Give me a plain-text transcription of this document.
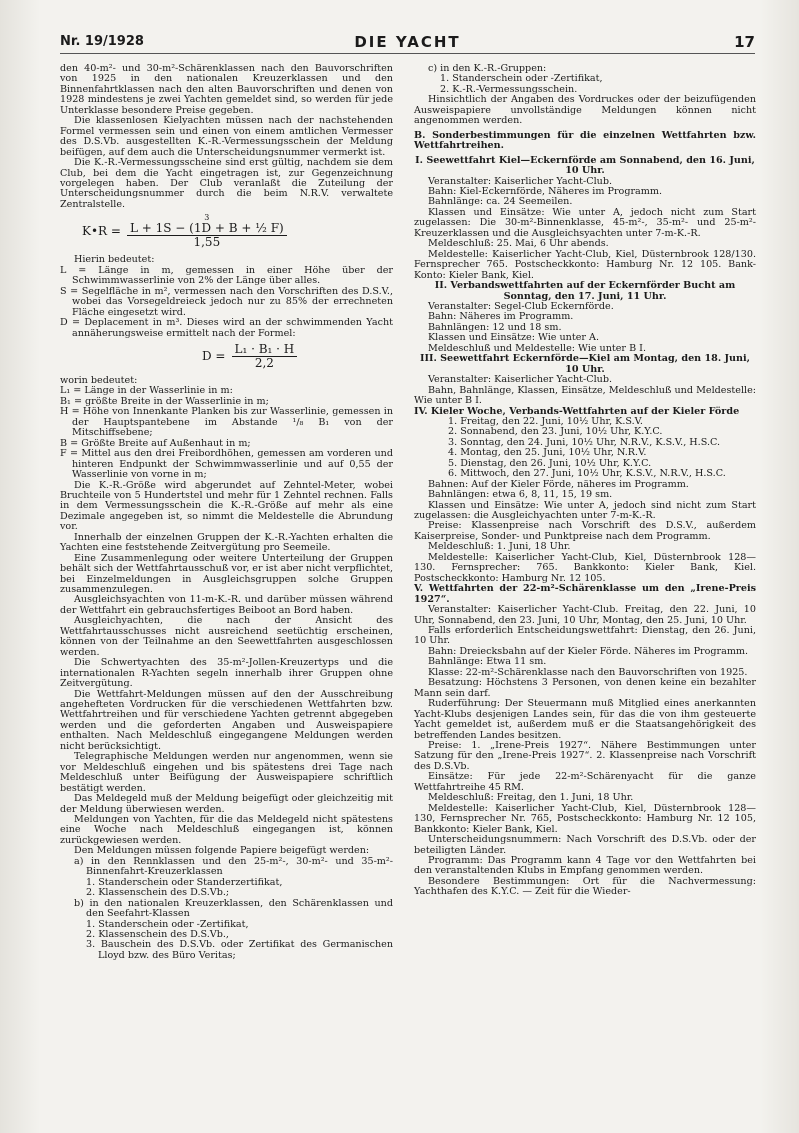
Nr. 19/1928	DIE YACHT	17

den 40-m²- und 30-m²-Schärenklassen nach den Bauvorschriften von 1925 in den nationalen Kreuzerklassen und den Binnenfahrtklassen nach den alten Bauvorschriften und denen von 1928 mindestens je zwei Yachten gemeldet sind, so werden für jede Unterklasse besondere Preise gegeben.

Die klassenlosen Kielyachten müssen nach der nachstehenden Formel vermessen sein und einen von einem amtlichen Vermesser des D.S.Vb. ausgestellten K.-R.-Vermessungsschein der Meldung beifügen, auf dem auch die Unterscheidungsnummer vermerkt ist.

Die K.-R.-Vermessungsscheine sind erst gültig, nachdem sie dem Club, bei dem die Yacht eingetragen ist, zur Gegenzeichnung vorgelegen haben. Der Club veranlaßt die Zuteilung der Unterscheidungsnummer durch die beim N.R.V. verwaltete Zentralstelle.

K•R =
3
L + 1S − (1D + B + ½ F)
1,55

Hierin bedeutet:

L = Länge in m, gemessen in einer Höhe über der Schwimmwasserlinie von 2% der Länge über alles.

S = Segelfläche in m², vermessen nach den Vorschriften des D.S.V., wobei das Vorsegeldreieck jedoch nur zu 85% der errechneten Fläche eingesetzt wird.

D = Deplacement in m³. Dieses wird an der schwimmenden Yacht annäherungsweise ermittelt nach der Formel:

$D = \frac{\text{L₁ · B₁ · H}}{2,2}$

worin bedeutet:

L₁ = Länge in der Wasserlinie in m:

B₁ = größte Breite in der Wasserlinie in m;

H = Höhe von Innenkante Planken bis zur Wasserlinie, gemessen in der Hauptspantebene im Abstande ¹/₈ B₁ von der Mitschiffsebene;

B = Größte Breite auf Außenhaut in m;

F = Mittel aus den drei Freibordhöhen, gemessen am vorderen und hinteren Endpunkt der Schwimmwasserlinie und auf 0,55 der Wasserlinie von vorne in m;

Die K.-R.-Größe wird abgerundet auf Zehntel-Meter, wobei Bruchteile von 5 Hundertstel und mehr für 1 Zehntel rechnen. Falls in dem Vermessungsschein die K.-R.-Größe auf mehr als eine Dezimale angegeben ist, so nimmt die Meldestelle die Abrundung vor.

Innerhalb der einzelnen Gruppen der K.-R.-Yachten erhalten die Yachten eine feststehende Zeitvergütung pro Seemeile.

Eine Zusammenlegung oder weitere Unterteilung der Gruppen behält sich der Wettfahrtausschuß vor, er ist aber nicht verpflichtet, bei Einzelmeldungen in Ausgleichsgruppen solche Gruppen zusammenzulegen.

Ausgleichsyachten von 11-m-K.-R. und darüber müssen während der Wettfahrt ein gebrauchsfertiges Beiboot an Bord haben.

Ausgleichyachten, die nach der Ansicht des Wettfahrtausschusses nicht ausreichend seetüchtig erscheinen, können von der Teilnahme an den Seewettfahrten ausgeschlossen werden.

Die Schwertyachten des 35-m²-Jollen-Kreuzertyps und die internationalen R-Yachten segeln innerhalb ihrer Gruppen ohne Zeitvergütung.

Die Wettfahrt-Meldungen müssen auf den der Ausschreibung angehefteten Vordrucken für die verschiedenen Wettfahrten bzw. Wettfahrtreihen und für verschiedene Yachten getrennt abgegeben werden und die geforderten Angaben und Ausweispapiere enthalten. Nach Meldeschluß eingegangene Meldungen werden nicht berücksichtigt.

Telegraphische Meldungen werden nur angenommen, wenn sie vor Meldeschluß eingehen und bis spätestens drei Tage nach Meldeschluß unter Beifügung der Ausweispapiere schriftlich bestätigt werden.

Das Meldegeld muß der Meldung beigefügt oder gleichzeitig mit der Meldung überwiesen werden.

Meldungen von Yachten, für die das Meldegeld nicht spätestens eine Woche nach Meldeschluß eingegangen ist, können zurückgewiesen werden.

Den Meldungen müssen folgende Papiere beigefügt werden:

a) in den Rennklassen und den 25-m²-, 30-m²- und 35-m²-Binnenfahrt-Kreuzerklassen

1. Standerschein oder Standerzertifikat,

2. Klassenschein des D.S.Vb.;

b) in den nationalen Kreuzerklassen, den Schärenklassen und den Seefahrt-Klassen

1. Standerschein oder -Zertifikat,

2. Klassenschein des D.S.Vb.,

3. Bauschein des D.S.Vb. oder Zertifikat des Germanischen Lloyd bzw. des Büro Veritas;

c) in den K.-R.-Gruppen:

1. Standerschein oder -Zertifikat,

2. K.-R.-Vermessungsschein.

Hinsichtlich der Angaben des Vordruckes oder der beizufügenden Ausweispapiere unvollständige Meldungen können nicht angenommen werden.

B. Sonderbestimmungen für die einzelnen Wettfahrten bzw. Wettfahrtreihen.

I. Seewettfahrt Kiel—Eckernförde am Sonnabend, den 16. Juni, 10 Uhr.

Veranstalter: Kaiserlicher Yacht-Club.

Bahn: Kiel-Eckernförde, Näheres im Programm.

Bahnlänge: ca. 24 Seemeilen.

Klassen und Einsätze: Wie unter A, jedoch nicht zum Start zugelassen: Die 30-m²-Binnenklasse, 45-m²-, 35-m²- und 25-m²-Kreuzerklassen und die Ausgleichsyachten unter 7-m-K.-R.

Meldeschluß: 25. Mai, 6 Uhr abends.

Meldestelle: Kaiserlicher Yacht-Club, Kiel, Düsternbrook 128/130. Fernsprecher 765. Postscheckkonto: Hamburg Nr. 12 105. Bank-Konto: Kieler Bank, Kiel.

II. Verbandswettfahrten auf der Eckernförder Bucht am Sonntag, den 17. Juni, 11 Uhr.

Veranstalter: Segel-Club Eckernförde.

Bahn: Näheres im Programm.

Bahnlängen: 12 und 18 sm.

Klassen und Einsätze: Wie unter A.

Meldeschluß und Meldestelle: Wie unter B I.

III. Seewettfahrt Eckernförde—Kiel am Montag, den 18. Juni, 10 Uhr.

Veranstalter: Kaiserlicher Yacht-Club.

Bahn, Bahnlänge, Klassen, Einsätze, Meldeschluß und Meldestelle: Wie unter B I.

IV. Kieler Woche, Verbands-Wettfahrten auf der Kieler Förde

1. Freitag, den 22. Juni, 10½ Uhr, K.S.V.

2. Sonnabend, den 23. Juni, 10½ Uhr, K.Y.C.

3. Sonntag, den 24. Juni, 10½ Uhr, N.R.V., K.S.V., H.S.C.

4. Montag, den 25. Juni, 10½ Uhr, N.R.V.

5. Dienstag, den 26. Juni, 10½ Uhr, K.Y.C.

6. Mittwoch, den 27. Juni, 10½ Uhr, K.S.V., N.R.V., H.S.C.

Bahnen: Auf der Kieler Förde, näheres im Programm.

Bahnlängen: etwa 6, 8, 11, 15, 19 sm.

Klassen und Einsätze: Wie unter A, jedoch sind nicht zum Start zugelassen: die Ausgleichyachten unter 7-m-K.-R.

Preise: Klassenpreise nach Vorschrift des D.S.V., außerdem Kaiserpreise, Sonder- und Punktpreise nach dem Programm.

Meldeschluß: 1. Juni, 18 Uhr.

Meldestelle: Kaiserlicher Yacht-Club, Kiel, Düsternbrook 128—130. Fernsprecher: 765. Bankkonto: Kieler Bank, Kiel. Postscheckkonto: Hamburg Nr. 12 105.

V. Wettfahrten der 22-m²-Schärenklasse um den „Irene-Preis 1927“.

Veranstalter: Kaiserlicher Yacht-Club. Freitag, den 22. Juni, 10 Uhr, Sonnabend, den 23. Juni, 10 Uhr, Montag, den 25. Juni, 10 Uhr.

Falls erforderlich Entscheidungswettfahrt: Dienstag, den 26. Juni, 10 Uhr.

Bahn: Dreiecksbahn auf der Kieler Förde. Näheres im Programm.

Bahnlänge: Etwa 11 sm.

Klasse: 22-m²-Schärenklasse nach den Bauvorschriften von 1925.

Besatzung: Höchstens 3 Personen, von denen keine ein bezahlter Mann sein darf.

Ruderführung: Der Steuermann muß Mitglied eines anerkannten Yacht-Klubs desjenigen Landes sein, für das die von ihm gesteuerte Yacht gemeldet ist, außerdem muß er die Staatsangehörigkeit des betreffenden Landes besitzen.

Preise: 1. „Irene-Preis 1927“. Nähere Bestimmungen unter Satzung für den „Irene-Preis 1927“. 2. Klassenpreise nach Vorschrift des D.S.Vb.

Einsätze: Für jede 22-m²-Schärenyacht für die ganze Wettfahrtreihe 45 RM.

Meldeschluß: Freitag, den 1. Juni, 18 Uhr.

Meldestelle: Kaiserlicher Yacht-Club, Kiel, Düsternbrook 128—130, Fernsprecher Nr. 765, Postscheckkonto: Hamburg Nr. 12 105, Bankkonto: Kieler Bank, Kiel.

Unterscheidungsnummern: Nach Vorschrift des D.S.Vb. oder der beteiligten Länder.

Programm: Das Programm kann 4 Tage vor den Wettfahrten bei den veranstaltenden Klubs in Empfang genommen werden.

Besondere Bestimmungen: Ort für die Nachvermessung: Yachthafen des K.Y.C. — Zeit für die Wieder-
